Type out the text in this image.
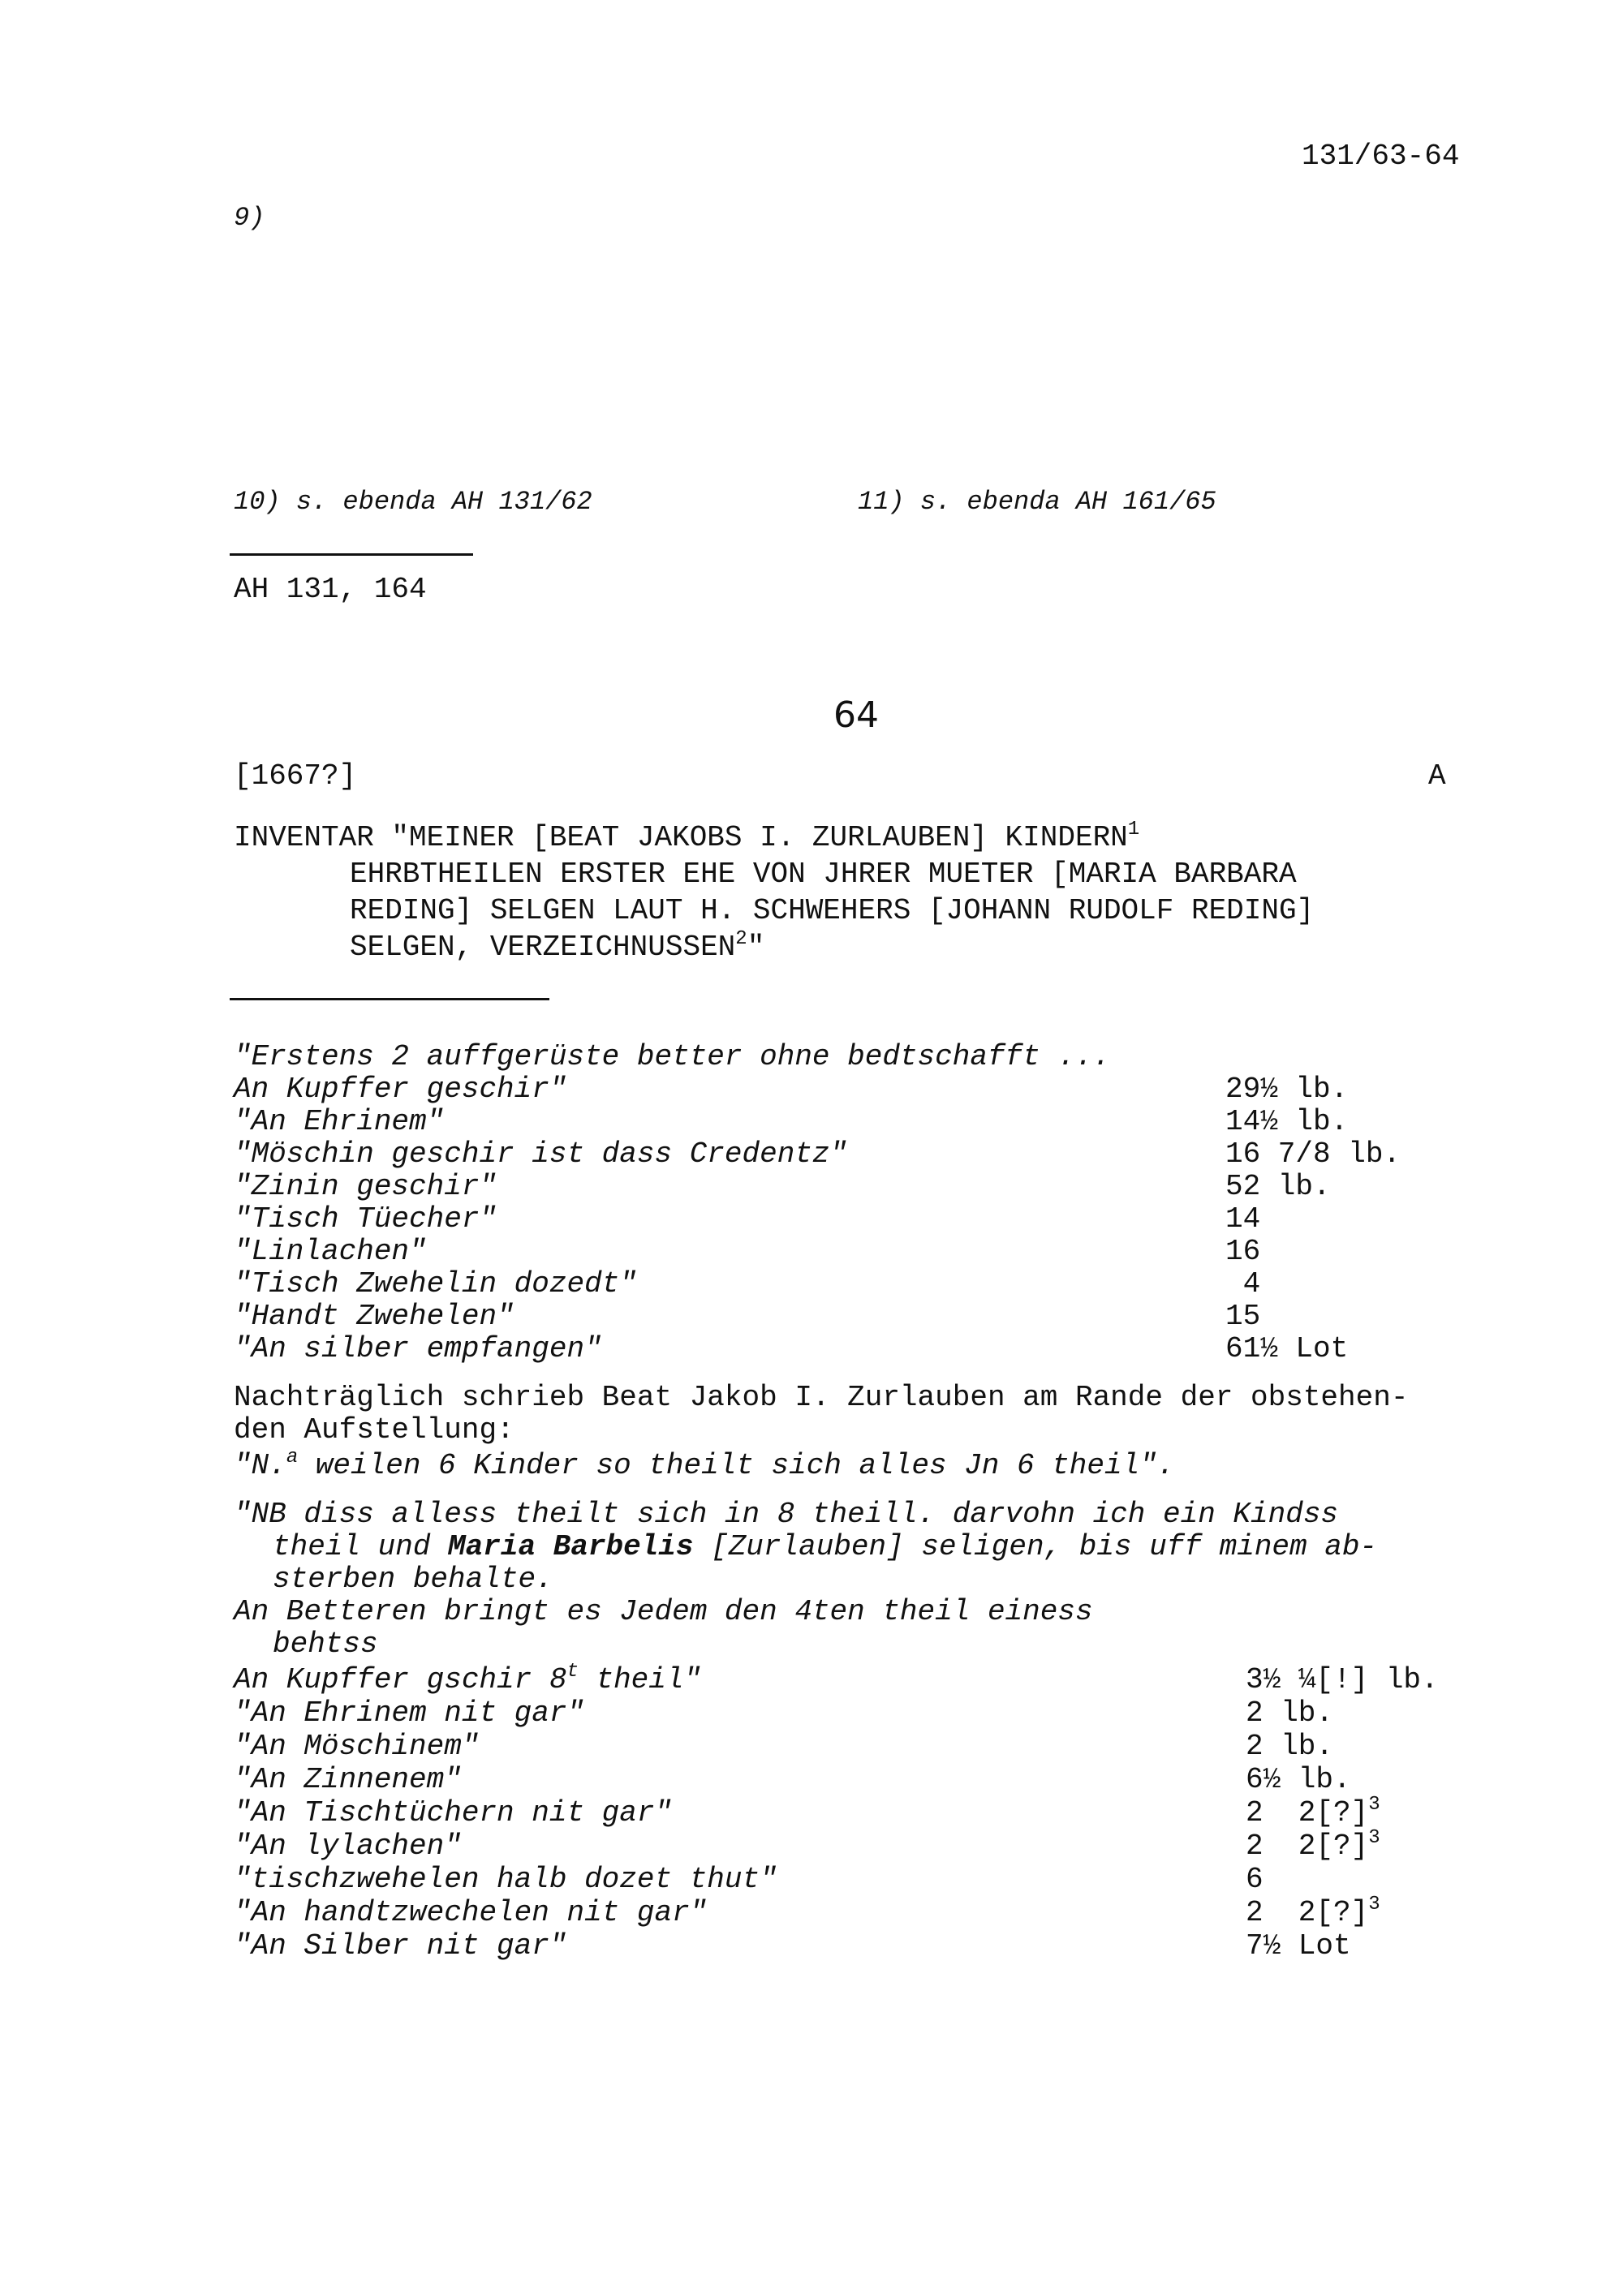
131/63-64
9)
10) s. ebenda AH 131/62	11) s. ebenda AH 161/65
AH 131, 164
64
[1667?]	A
INVENTAR "MEINER [BEAT JAKOBS I. ZURLAUBEN] KINDERN$^1$
EHRBTHEILEN ERSTER EHE VON JHRER MUETER [MARIA BARBARA
REDING] SELGEN LAUT H. SCHWEHERS [JOHANN RUDOLF REDING]
SELGEN, VERZEICHNUSSEN$^2$"
"Erstens 2 auffgerüste better ohne bedtschafft ...
An Kupffer geschir"	29½ lb.
"An Ehrinem"	14½ lb.
"Möschin geschir ist dass Credentz"	16 7/8 lb.
"Zinin geschir"	52 lb.
"Tisch Tüecher"	14
"Linlachen"	16
"Tisch Zwehelin dozedt"	4
"Handt Zwehelen"	15
"An silber empfangen"	61½ Lot
Nachträglich schrieb Beat Jakob I. Zurlauben am Rande der obstehen-
den Aufstellung:
"N.$^a$ weilen 6 Kinder so theilt sich alles Jn 6 theil".
"NB diss alless theilt sich in 8 theill. darvohn ich ein Kindss
theil und Maria Barbelis [Zurlauben] seligen, bis uff minem ab-
sterben behalte.
An Betteren bringt es Jedem den 4ten theil einess
behtss
An Kupffer gschir 8$^t$ theil"	3½ ¼[!] lb.
"An Ehrinem nit gar"	2 lb.
"An Möschinem"	2 lb.
"An Zinnenem"	6½ lb.
"An Tischtüchern nit gar"	2  2[?]$^3$
"An lylachen"	2  2[?]$^3$
"tischzwehelen halb dozet thut"	6
"An handtzwechelen nit gar"	2  2[?]$^3$
"An Silber nit gar"	7½ Lot
